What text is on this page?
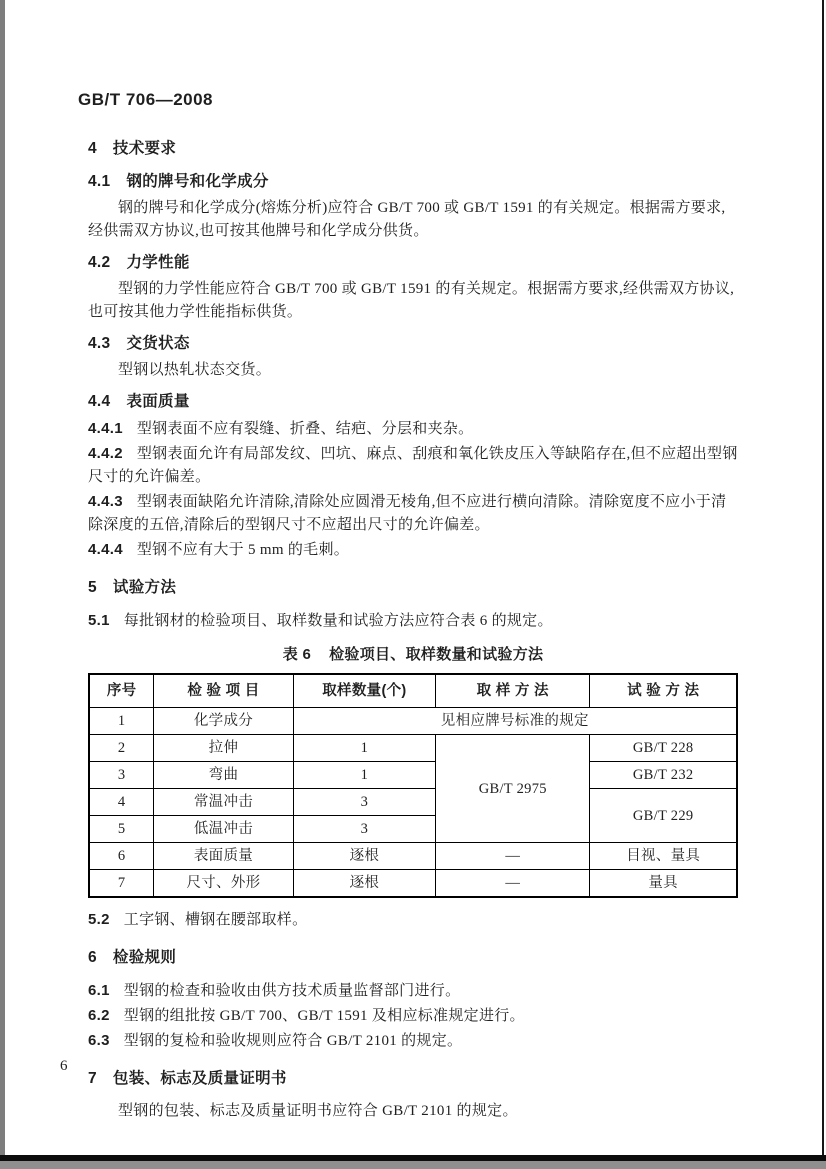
GB/T 706—2008
4 技术要求
4.1 钢的牌号和化学成分

钢的牌号和化学成分(熔炼分析)应符合 GB/T 700 或 GB/T 1591 的有关规定。根据需方要求,经供需双方协议,也可按其他牌号和化学成分供货。

4.2 力学性能

型钢的力学性能应符合 GB/T 700 或 GB/T 1591 的有关规定。根据需方要求,经供需双方协议,也可按其他力学性能指标供货。

4.3 交货状态

型钢以热轧状态交货。

4.4 表面质量

4.4.1 型钢表面不应有裂缝、折叠、结疤、分层和夹杂。

4.4.2 型钢表面允许有局部发纹、凹坑、麻点、刮痕和氧化铁皮压入等缺陷存在,但不应超出型钢尺寸的允许偏差。

4.4.3 型钢表面缺陷允许清除,清除处应圆滑无棱角,但不应进行横向清除。清除宽度不应小于清除深度的五倍,清除后的型钢尺寸不应超出尺寸的允许偏差。

4.4.4 型钢不应有大于 5 mm 的毛刺。

5 试验方法

5.1 每批钢材的检验项目、取样数量和试验方法应符合表 6 的规定。

表 6 检验项目、取样数量和试验方法
序号	检 验 项 目	取样数量(个)	取 样 方 法	试 验 方 法
1	化学成分	见相应牌号标准的规定		
2	拉伸	1	GB/T 2975	GB/T 228
3	弯曲	1		GB/T 232
4	常温冲击	3		GB/T 229
5	低温冲击	3		
6	表面质量	逐根	—	目视、量具
7	尺寸、外形	逐根	—	量具

5.2 工字钢、槽钢在腰部取样。

6 检验规则

6.1 型钢的检查和验收由供方技术质量监督部门进行。

6.2 型钢的组批按 GB/T 700、GB/T 1591 及相应标准规定进行。

6.3 型钢的复检和验收规则应符合 GB/T 2101 的规定。

7 包装、标志及质量证明书

型钢的包装、标志及质量证明书应符合 GB/T 2101 的规定。

6
